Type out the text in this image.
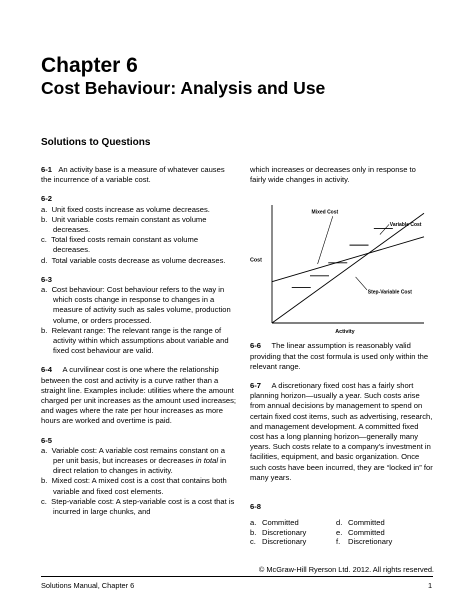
Chapter 6
Cost Behaviour: Analysis and Use
Solutions to Questions

6-1 An activity base is a measure of whatever causes the incurrence of a variable cost.

6-2

a. Unit fixed costs increase as volume decreases.

b. Unit variable costs remain constant as volume decreases.

c. Total fixed costs remain constant as volume decreases.

d. Total variable costs decrease as volume decreases.

6-3

a. Cost behaviour: Cost behaviour refers to the way in which costs change in response to changes in a measure of activity such as sales volume, production volume, or orders processed.

b. Relevant range: The relevant range is the range of activity within which assumptions about variable and fixed cost behaviour are valid.

6-4 A curvilinear cost is one where the relationship between the cost and activity is a curve rather than a straight line. Examples include: utilities where the amount charged per unit increases as the amount used increases; and wages where the rate per hour increases as more hours are worked and overtime is paid.

6-5

a. Variable cost: A variable cost remains constant on a per unit basis, but increases or decreases in total in direct relation to changes in activity.

b. Mixed cost: A mixed cost is a cost that contains both variable and fixed cost elements.

c. Step-variable cost: A step-variable cost is a cost that is incurred in large chunks, and

which increases or decreases only in response to fairly wide changes in activity.

Cost
Activity
Mixed Cost
Variable Cost
Step-Variable Cost

6-6 The linear assumption is reasonably valid providing that the cost formula is used only within the relevant range.

6-7 A discretionary fixed cost has a fairly short planning horizon—usually a year. Such costs arise from annual decisions by management to spend on certain fixed cost items, such as advertising, research, and management development. A committed fixed cost has a long planning horizon—generally many years. Such costs relate to a company's investment in facilities, equipment, and basic organization. Once such costs have been incurred, they are “locked in” for many years.

6-8

a.	Committed	d.	Committed
b.	Discretionary	e.	Committed
c.	Discretionary	f.	Discretionary
© McGraw-Hill Ryerson Ltd. 2012. All rights reserved.
Solutions Manual, Chapter 6	1
